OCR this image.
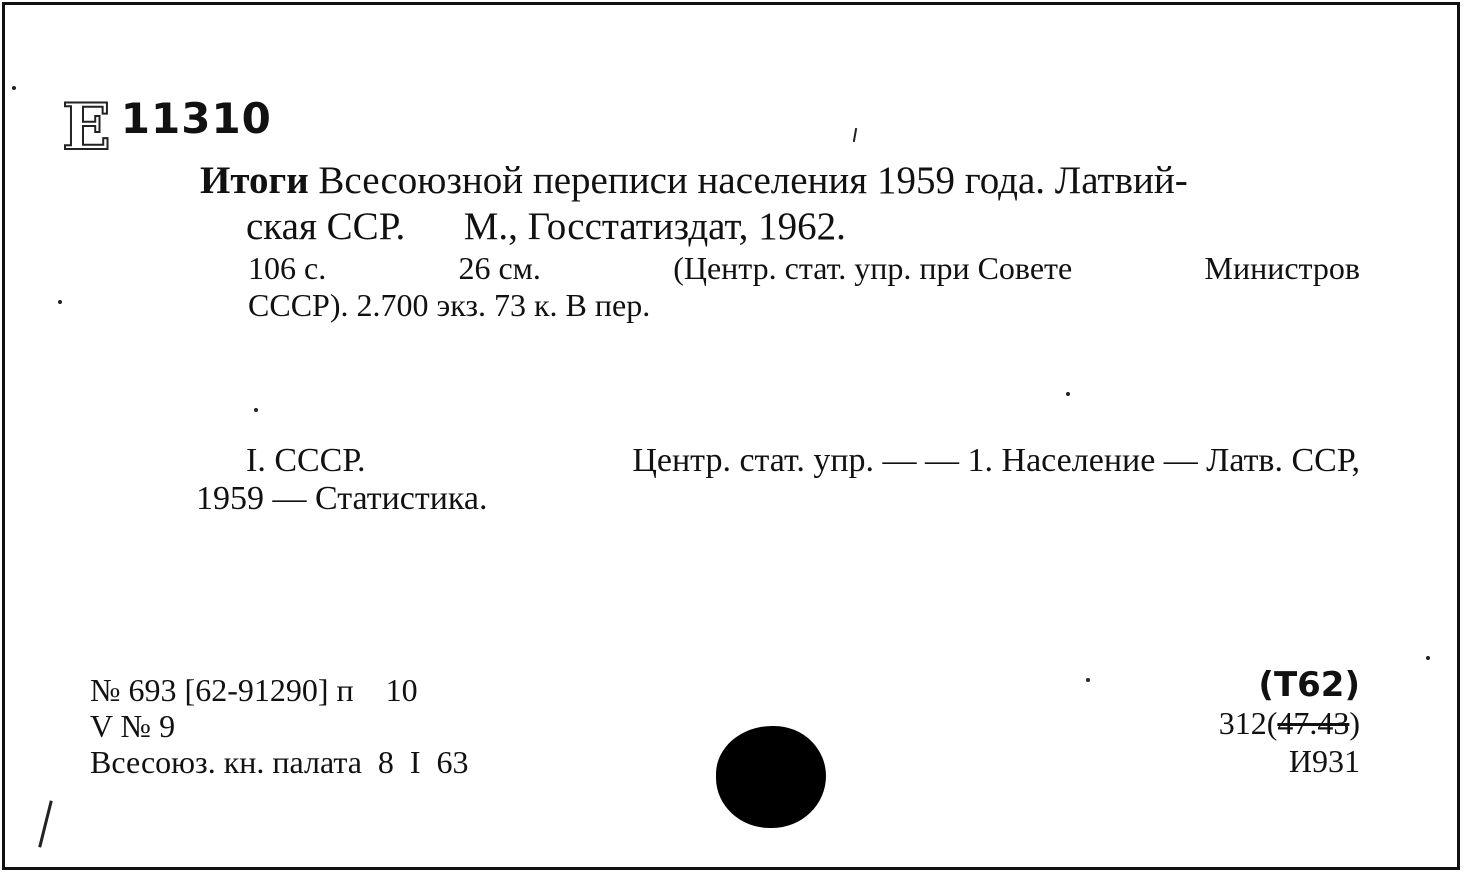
E 11310
Итоги Всесоюзной переписи населения 1959 года. Латвий-
ская ССР.      М., Госстатиздат, 1962.
106 с.	26 см.	(Центр. стат. упр. при Совете	Министров
СССР). 2.700 экз. 73 к. В пер.
I. СССР.	Центр. стат. упр. — — 1. Население — Латв. ССР,
1959 — Статистика.
№ 693 [62-91290] п    10
V № 9
Всесоюз. кн. палата  8  I  63
(Т62)
312(47.43)
И931
